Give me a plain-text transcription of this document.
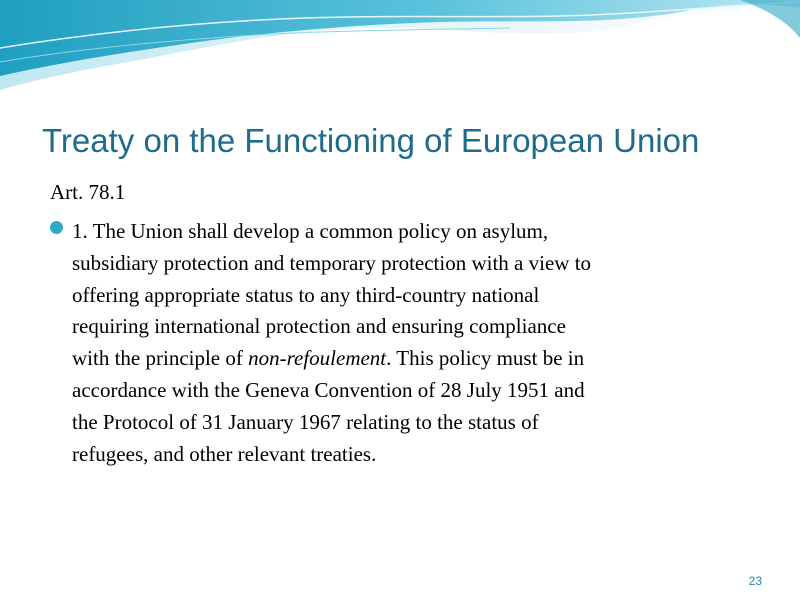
Treaty on the Functioning of European Union

Art. 78.1

1. The Union shall develop a common policy on asylum,
subsidiary protection and temporary protection with a view to
offering appropriate status to any third-country national
requiring international protection and ensuring compliance
with the principle of non-refoulement. This policy must be in
accordance with the Geneva Convention of 28 July 1951 and
the Protocol of 31 January 1967 relating to the status of
refugees, and other relevant treaties.

23
